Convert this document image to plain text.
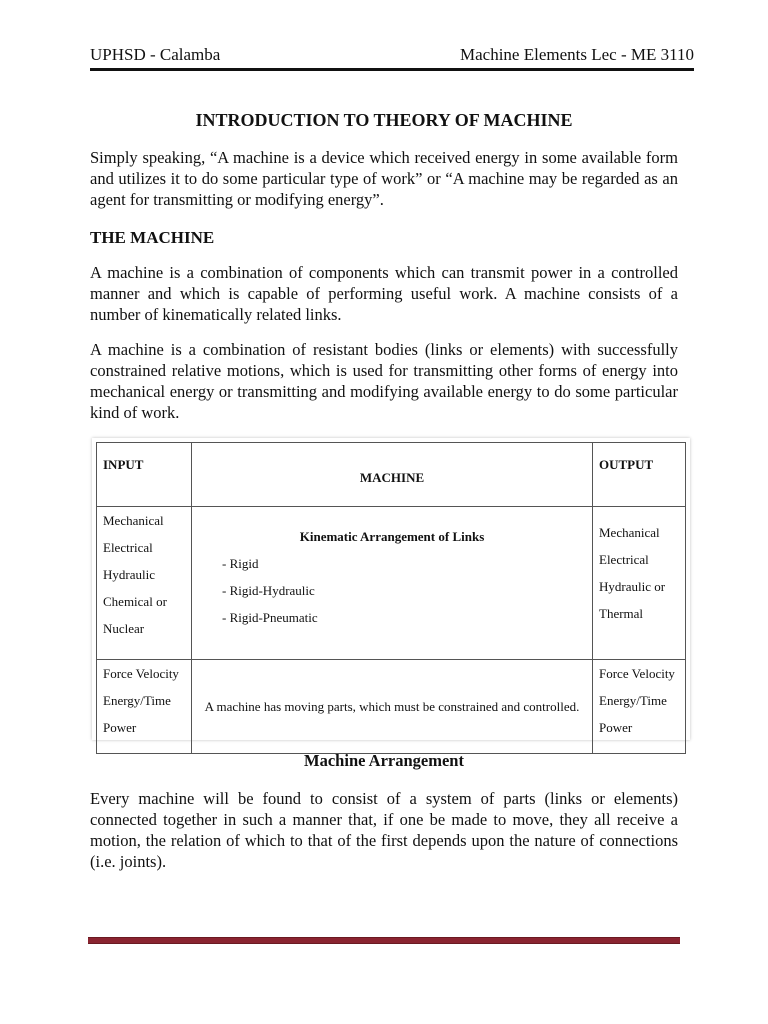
UPHSD - Calamba	Machine Elements Lec - ME 3110
INTRODUCTION TO THEORY OF MACHINE

Simply speaking, “A machine is a device which received energy in some available form and utilizes it to do some particular type of work” or “A machine may be regarded as an agent for transmitting or modifying energy”.

THE MACHINE

A machine is a combination of components which can transmit power in a controlled manner and which is capable of performing useful work. A machine consists of a number of kinematically related links.

A machine is a combination of resistant bodies (links or elements) with successfully constrained relative motions, which is used for transmitting other forms of energy into mechanical energy or transmitting and modifying available energy to do some particular kind of work.

INPUT	MACHINE	OUTPUT

Mechanical
Electrical
Hydraulic
Chemical or
Nuclear	Kinematic Arrangement of Links
- Rigid
- Rigid-Hydraulic
- Rigid-Pneumatic	Mechanical
Electrical
Hydraulic or
Thermal

Force Velocity
Energy/Time
Power	A machine has moving parts, which must be constrained and controlled.	Force Velocity
Energy/Time
Power

Machine Arrangement

Every machine will be found to consist of a system of parts (links or elements) connected together in such a manner that, if one be made to move, they all receive a motion, the relation of which to that of the first depends upon the nature of connections (i.e. joints).
